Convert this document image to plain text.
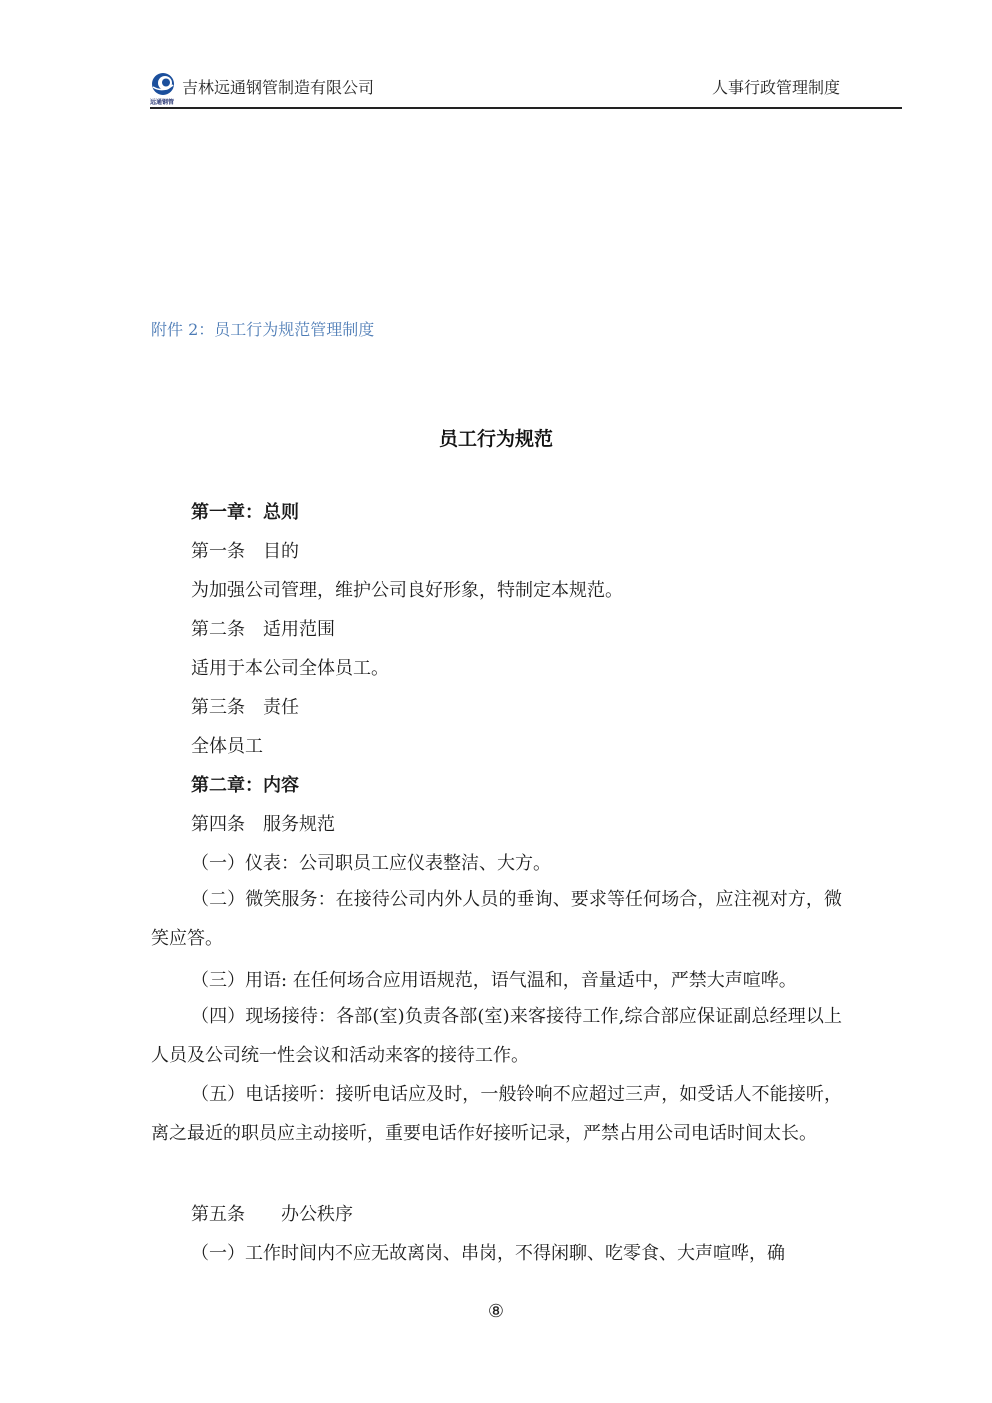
远通钢管
吉林远通钢管制造有限公司	人事行政管理制度
附件 2：员工行为规范管理制度
员工行为规范
第一章：总则
第一条　目的
为加强公司管理，维护公司良好形象，特制定本规范。
第二条　适用范围
适用于本公司全体员工。
第三条　责任
全体员工
第二章：内容
第四条　服务规范
（一）仪表：公司职员工应仪表整洁、大方。
（二）微笑服务：在接待公司内外人员的垂询、要求等任何场合，应注视对方，微笑应答。
（三）用语: 在任何场合应用语规范，语气温和，音量适中，严禁大声喧哗。
（四）现场接待：各部(室)负责各部(室)来客接待工作,综合部应保证副总经理以上人员及公司统一性会议和活动来客的接待工作。
（五）电话接听：接听电话应及时，一般铃响不应超过三声，如受话人不能接听，离之最近的职员应主动接听，重要电话作好接听记录，严禁占用公司电话时间太长。
第五条　　办公秩序
（一）工作时间内不应无故离岗、串岗，不得闲聊、吃零食、大声喧哗，确
⑧
